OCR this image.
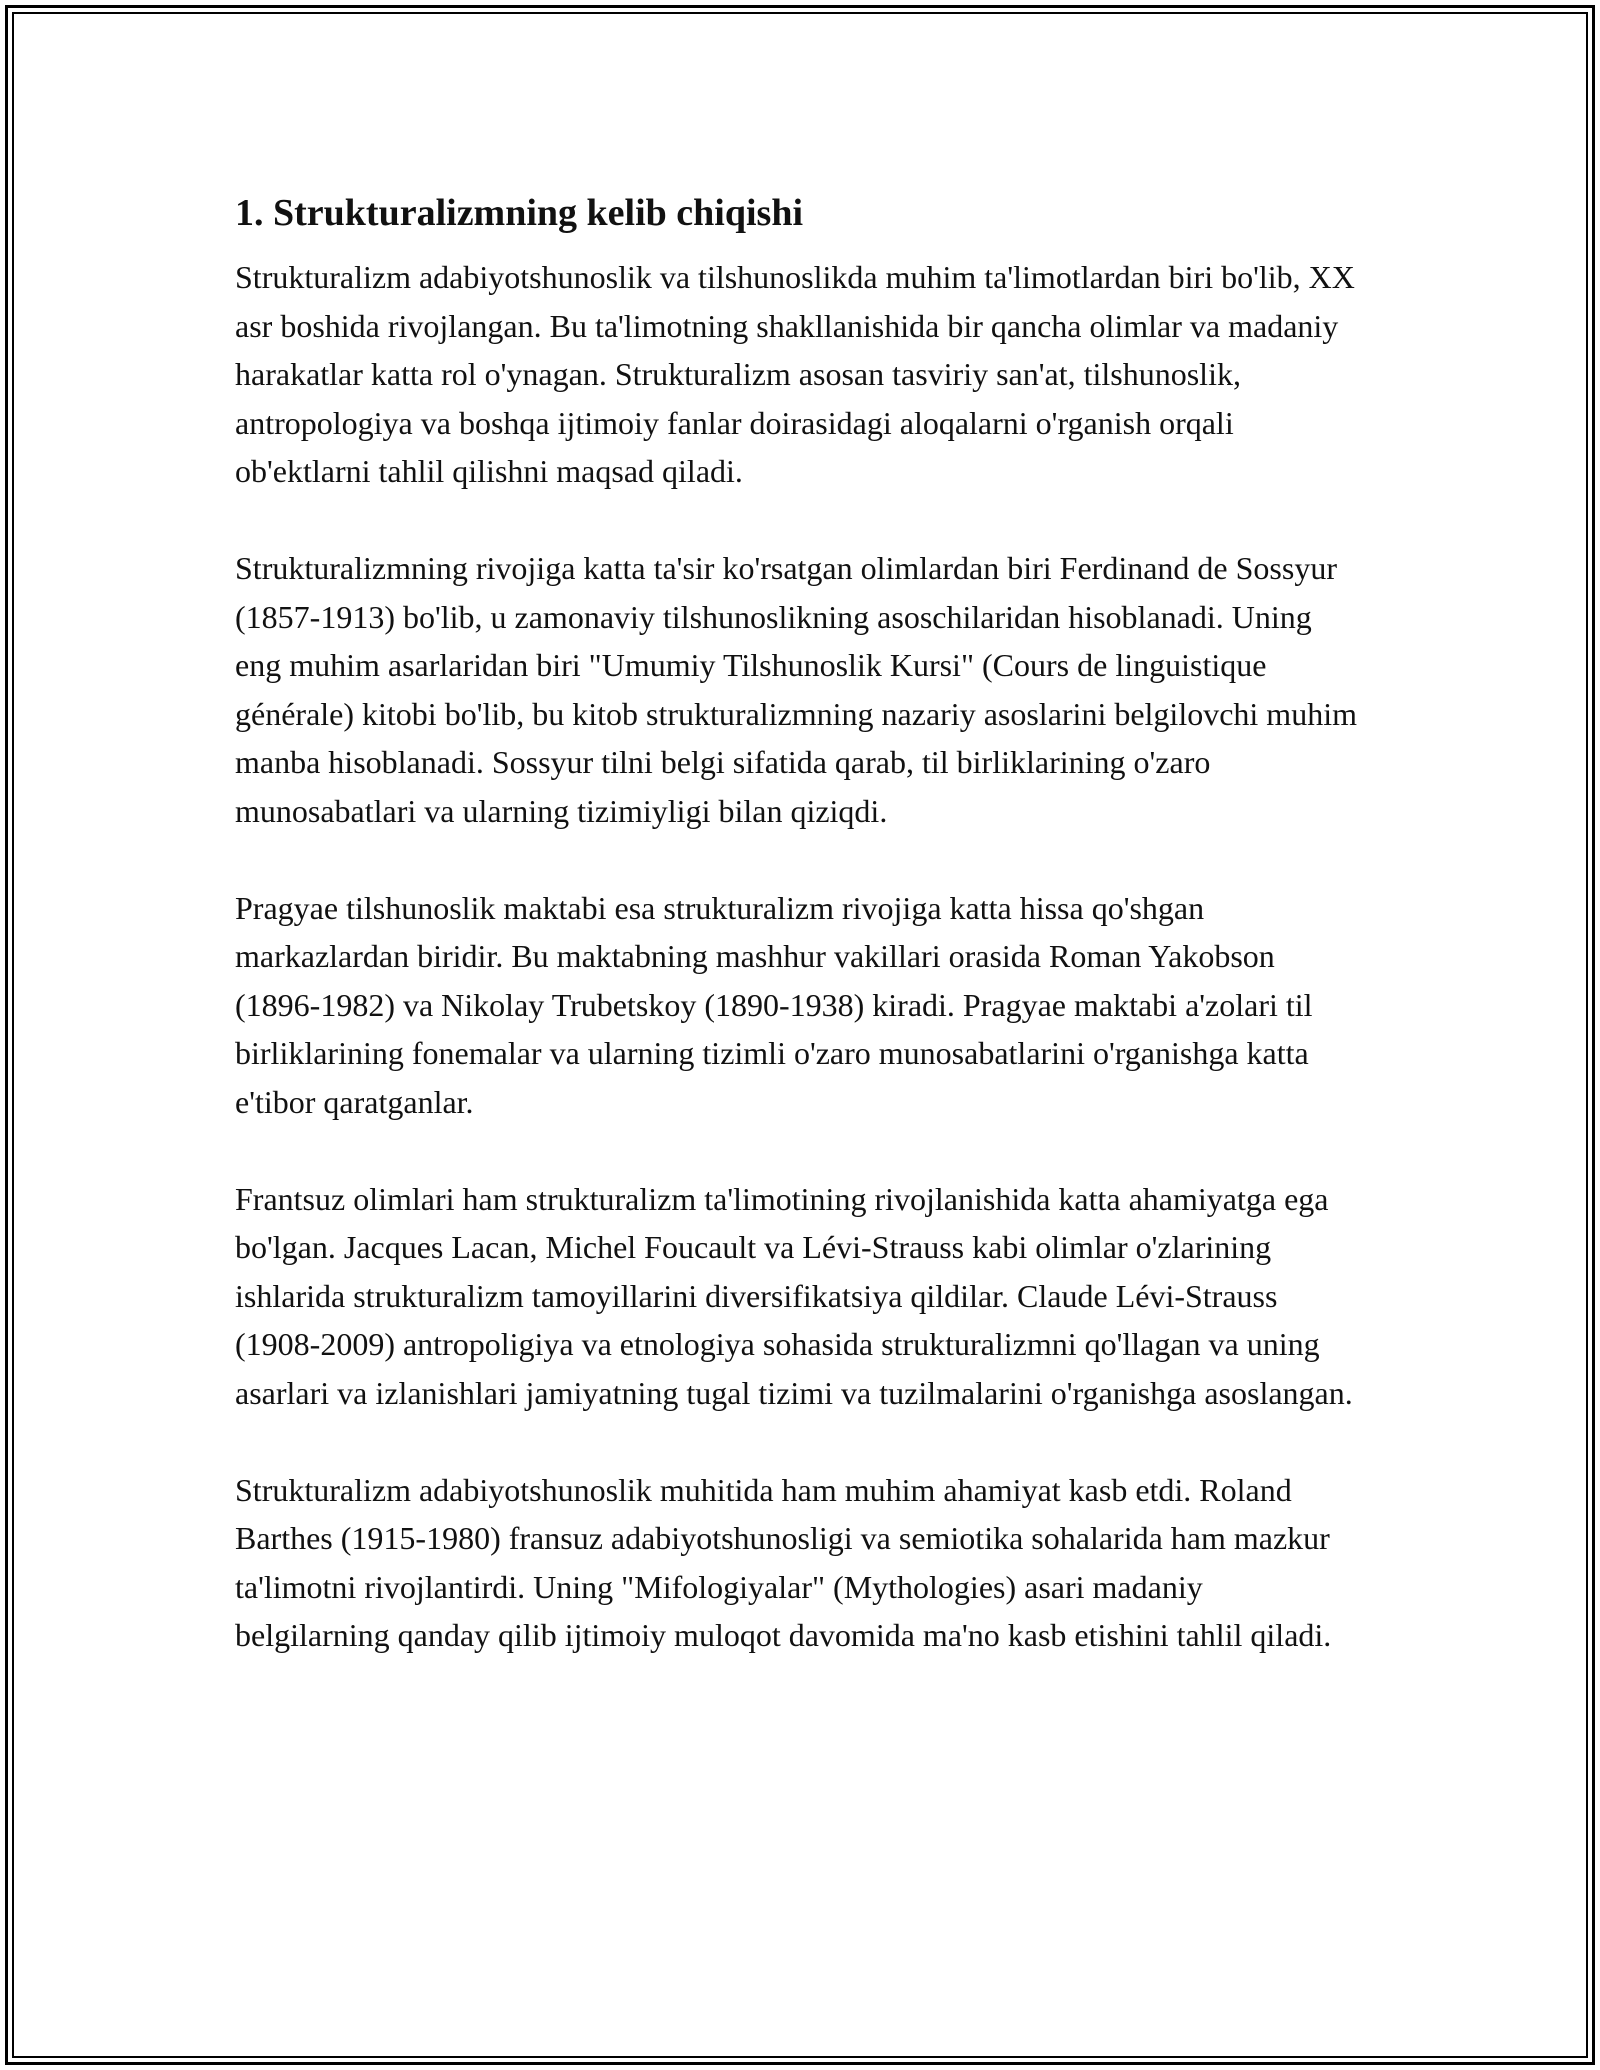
1. Strukturalizmning kelib chiqishi

Strukturalizm adabiyotshunoslik va tilshunoslikda muhim ta'limotlardan biri bo'lib, XX asr boshida rivojlangan. Bu ta'limotning shakllanishida bir qancha olimlar va madaniy harakatlar katta rol o'ynagan. Strukturalizm asosan tasviriy san'at, tilshunoslik, antropologiya va boshqa ijtimoiy fanlar doirasidagi aloqalarni o'rganish orqali ob'ektlarni tahlil qilishni maqsad qiladi.

Strukturalizmning rivojiga katta ta'sir ko'rsatgan olimlardan biri Ferdinand de Sossyur (1857-1913) bo'lib, u zamonaviy tilshunoslikning asoschilaridan hisoblanadi. Uning eng muhim asarlaridan biri "Umumiy Tilshunoslik Kursi" (Cours de linguistique générale) kitobi bo'lib, bu kitob strukturalizmning nazariy asoslarini belgilovchi muhim manba hisoblanadi. Sossyur tilni belgi sifatida qarab, til birliklarining o'zaro munosabatlari va ularning tizimiyligi bilan qiziqdi.

Pragyae tilshunoslik maktabi esa strukturalizm rivojiga katta hissa qo'shgan markazlardan biridir. Bu maktabning mashhur vakillari orasida Roman Yakobson (1896-1982) va Nikolay Trubetskoy (1890-1938) kiradi. Pragyae maktabi a'zolari til birliklarining fonemalar va ularning tizimli o'zaro munosabatlarini o'rganishga katta e'tibor qaratganlar.

Frantsuz olimlari ham strukturalizm ta'limotining rivojlanishida katta ahamiyatga ega bo'lgan. Jacques Lacan, Michel Foucault va Lévi-Strauss kabi olimlar o'zlarining ishlarida strukturalizm tamoyillarini diversifikatsiya qildilar. Claude Lévi-Strauss (1908-2009) antropoligiya va etnologiya sohasida strukturalizmni qo'llagan va uning asarlari va izlanishlari jamiyatning tugal tizimi va tuzilmalarini o'rganishga asoslangan.

Strukturalizm adabiyotshunoslik muhitida ham muhim ahamiyat kasb etdi. Roland Barthes (1915-1980) fransuz adabiyotshunosligi va semiotika sohalarida ham mazkur ta'limotni rivojlantirdi. Uning "Mifologiyalar" (Mythologies) asari madaniy belgilarning qanday qilib ijtimoiy muloqot davomida ma'no kasb etishini tahlil qiladi.
